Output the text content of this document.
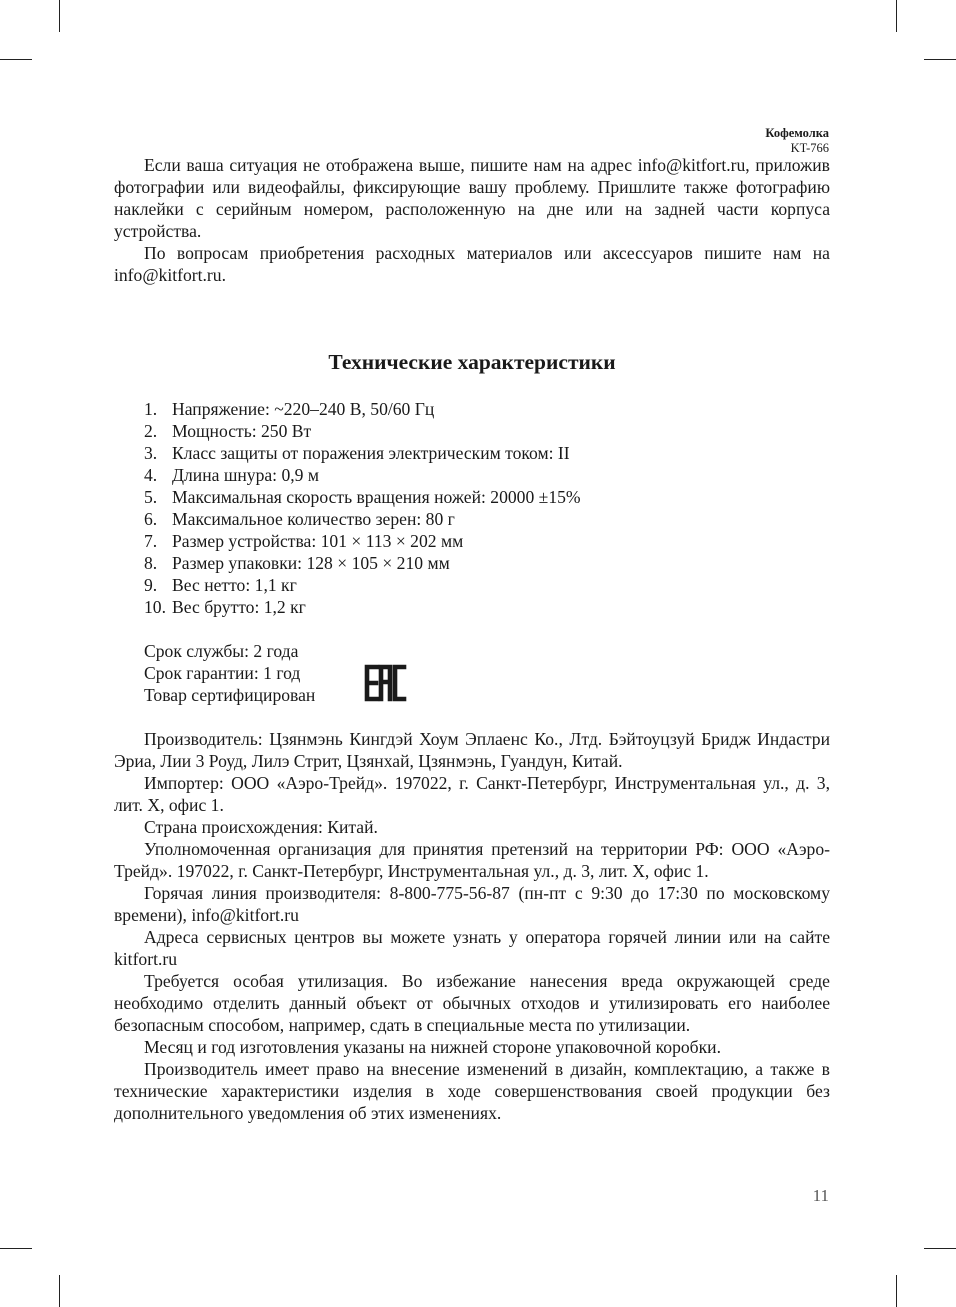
Кофемолка
KT-766

Если ваша ситуация не отображена выше, пишите нам на адрес info@kitfort.ru, приложив фотографии или видеофайлы, фиксирующие вашу проблему. Пришлите также фотографию наклейки с серийным номером, расположенную на дне или на задней части корпуса устройства.

По вопросам приобретения расходных материалов или аксессуаров пишите нам на info@kitfort.ru.

Технические характеристики
1. Напряжение: ~220–240 В, 50/60 Гц
2. Мощность: 250 Вт
3. Класс защиты от поражения электрическим током: II
4. Длина шнура: 0,9 м
5. Максимальная скорость вращения ножей: 20000 ±15%
6. Максимальное количество зерен: 80 г
7. Размер устройства: 101 × 113 × 202 мм
8. Размер упаковки: 128 × 105 × 210 мм
9. Вес нетто: 1,1 кг
10. Вес брутто: 1,2 кг
Срок службы: 2 года
Срок гарантии: 1 год
Товар сертифицирован

Производитель: Цзянмэнь Кингдэй Хоум Эплаенс Ко., Лтд. Бэйтоуцзуй Бридж Индастри Эриа, Лии 3 Роуд, Лилэ Стрит, Цзянхай, Цзянмэнь, Гуандун, Китай.

Импортер: ООО «Аэро-Трейд». 197022, г. Санкт-Петербург, Инструментальная ул., д. 3, лит. Х, офис 1.

Страна происхождения: Китай.

Уполномоченная организация для принятия претензий на территории РФ: ООО «Аэро-Трейд». 197022, г. Санкт-Петербург, Инструментальная ул., д. 3, лит. Х, офис 1.

Горячая линия производителя: 8-800-775-56-87 (пн-пт с 9:30 до 17:30 по московскому времени), info@kitfort.ru

Адреса сервисных центров вы можете узнать у оператора горячей линии или на сайте kitfort.ru

Требуется особая утилизация. Во избежание нанесения вреда окружающей среде необходимо отделить данный объект от обычных отходов и утилизировать его наиболее безопасным способом, например, сдать в специальные места по утилизации.

Месяц и год изготовления указаны на нижней стороне упаковочной коробки.

Производитель имеет право на внесение изменений в дизайн, комплектацию, а также в технические характеристики изделия в ходе совершенствования своей продукции без дополнительного уведомления об этих изменениях.

11
